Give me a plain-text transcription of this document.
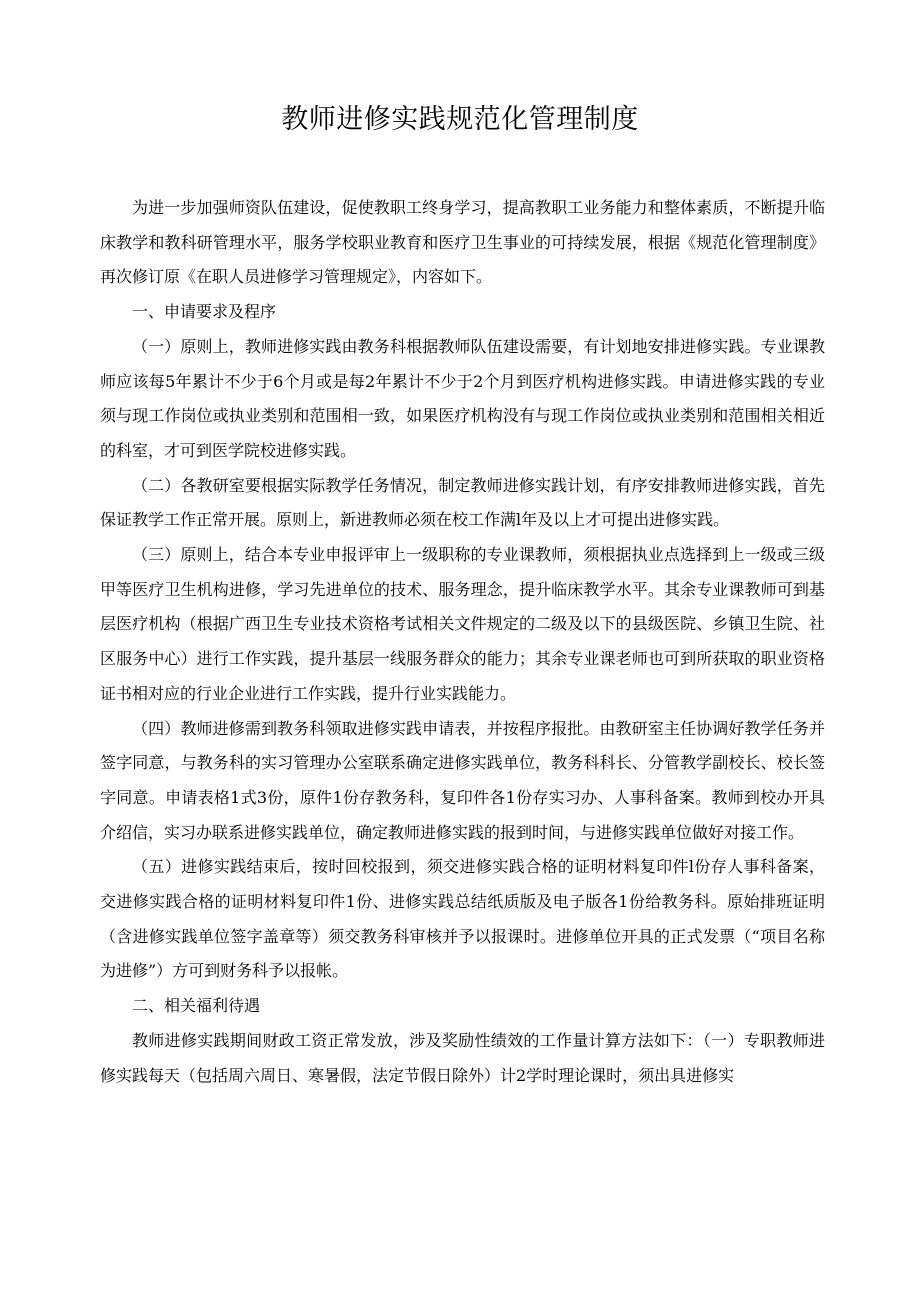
教师进修实践规范化管理制度

为进一步加强师资队伍建设，促使教职工终身学习，提高教职工业务能力和整体素质，不断提升临床教学和教科研管理水平，服务学校职业教育和医疗卫生事业的可持续发展，根据《规范化管理制度》再次修订原《在职人员进修学习管理规定》，内容如下。

一、申请要求及程序

（一）原则上，教师进修实践由教务科根据教师队伍建设需要，有计划地安排进修实践。专业课教师应该每5年累计不少于6个月或是每2年累计不少于2个月到医疗机构进修实践。申请进修实践的专业须与现工作岗位或执业类别和范围相一致，如果医疗机构没有与现工作岗位或执业类别和范围相关相近的科室，才可到医学院校进修实践。

（二）各教研室要根据实际教学任务情况，制定教师进修实践计划，有序安排教师进修实践，首先保证教学工作正常开展。原则上，新进教师必须在校工作满l年及以上才可提出进修实践。

（三）原则上，结合本专业申报评审上一级职称的专业课教师，须根据执业点选择到上一级或三级甲等医疗卫生机构进修，学习先进单位的技术、服务理念，提升临床教学水平。其余专业课教师可到基层医疗机构（根据广西卫生专业技术资格考试相关文件规定的二级及以下的县级医院、乡镇卫生院、社区服务中心）进行工作实践，提升基层一线服务群众的能力；其余专业课老师也可到所获取的职业资格证书相对应的行业企业进行工作实践，提升行业实践能力。

（四）教师进修需到教务科领取进修实践申请表，并按程序报批。由教研室主任协调好教学任务并签字同意，与教务科的实习管理办公室联系确定进修实践单位，教务科科长、分管教学副校长、校长签字同意。申请表格1式3份，原件1份存教务科，复印件各1份存实习办、人事科备案。教师到校办开具介绍信，实习办联系进修实践单位，确定教师进修实践的报到时间，与进修实践单位做好对接工作。

（五）进修实践结束后，按时回校报到，须交进修实践合格的证明材料复印件l份存人事科备案，交进修实践合格的证明材料复印件1份、进修实践总结纸质版及电子版各1份给教务科。原始排班证明（含进修实践单位签字盖章等）须交教务科审核并予以报课时。进修单位开具的正式发票（“项目名称为进修”）方可到财务科予以报帐。

二、相关福利待遇

教师进修实践期间财政工资正常发放，涉及奖励性绩效的工作量计算方法如下：（一）专职教师进修实践每天（包括周六周日、寒暑假，法定节假日除外）计2学时理论课时，须出具进修实
